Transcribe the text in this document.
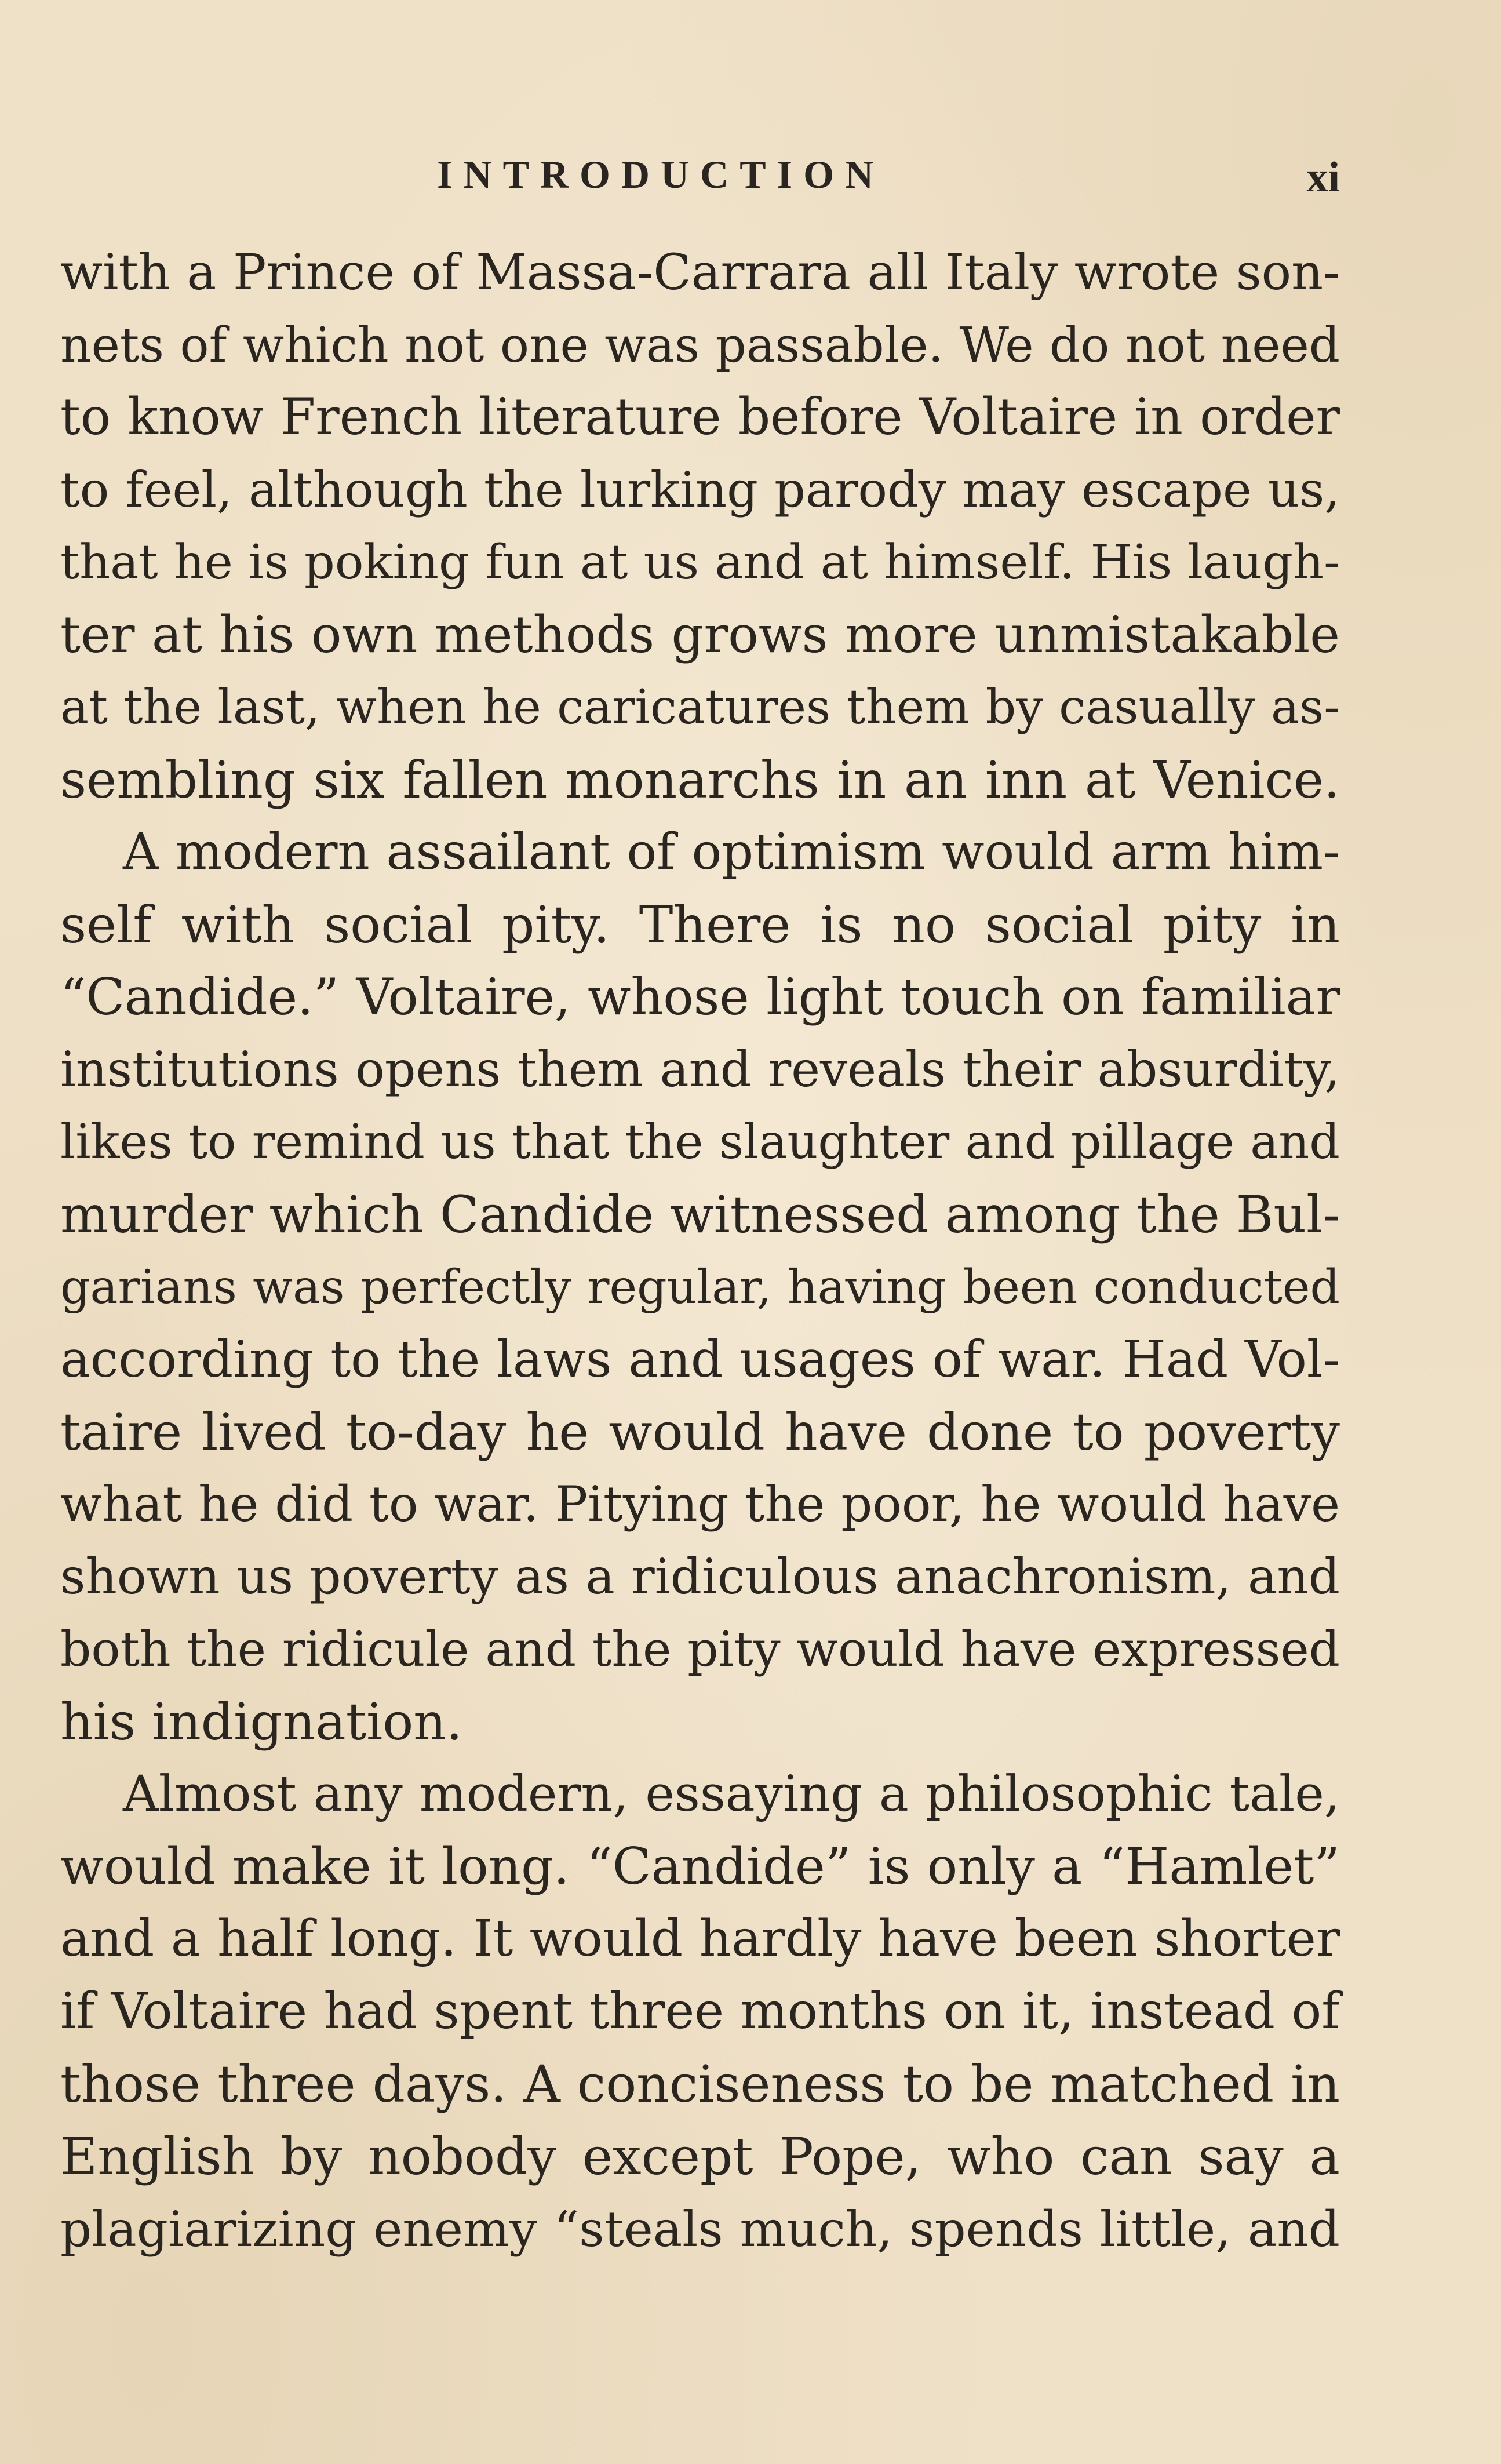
INTRODUCTION	xi
with a Prince of Massa-Carrara all Italy wrote son-
nets of which not one was passable. We do not need
to know French literature before Voltaire in order
to feel, although the lurking parody may escape us,
that he is poking fun at us and at himself. His laugh-
ter at his own methods grows more unmistakable
at the last, when he caricatures them by casually as-
sembling six fallen monarchs in an inn at Venice.
A modern assailant of optimism would arm him-
self with social pity. There is no social pity in
“Candide.” Voltaire, whose light touch on familiar
institutions opens them and reveals their absurdity,
likes to remind us that the slaughter and pillage and
murder which Candide witnessed among the Bul-
garians was perfectly regular, having been conducted
according to the laws and usages of war. Had Vol-
taire lived to-day he would have done to poverty
what he did to war. Pitying the poor, he would have
shown us poverty as a ridiculous anachronism, and
both the ridicule and the pity would have expressed
his indignation.
Almost any modern, essaying a philosophic tale,
would make it long. “Candide” is only a “Hamlet”
and a half long. It would hardly have been shorter
if Voltaire had spent three months on it, instead of
those three days. A conciseness to be matched in
English by nobody except Pope, who can say a
plagiarizing enemy “steals much, spends little, and
